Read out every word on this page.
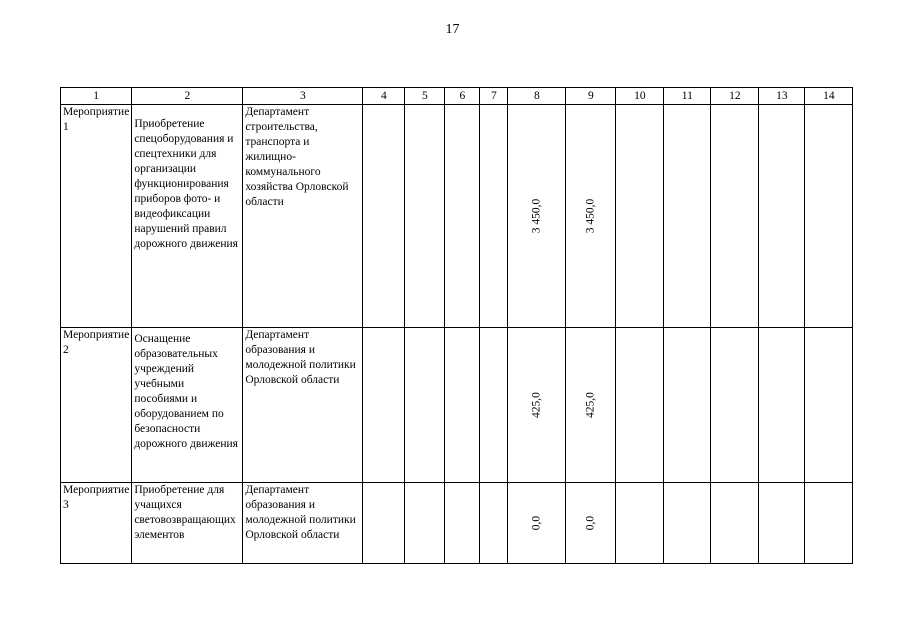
17
1	2	3	4	5	6	7	8	9	10	11	12	13	14

Мероприятие 1	Приобретение спецоборудования и спецтехники для организации функционирования приборов фото- и видеофиксации нарушений правил дорожного движения	Департамент строительства, транспорта и жилищно-коммунального хозяйства Орловской области					3 450,0	3 450,0					

Мероприятие 2	Оснащение образовательных учреждений учебными пособиями и оборудованием по безопасности дорожного движения	Департамент образования и молодежной политики Орловской области					425,0	425,0					

Мероприятие 3	Приобретение для учащихся световозвращающих элементов	Департамент образования и молодежной политики Орловской области					0,0	0,0					
